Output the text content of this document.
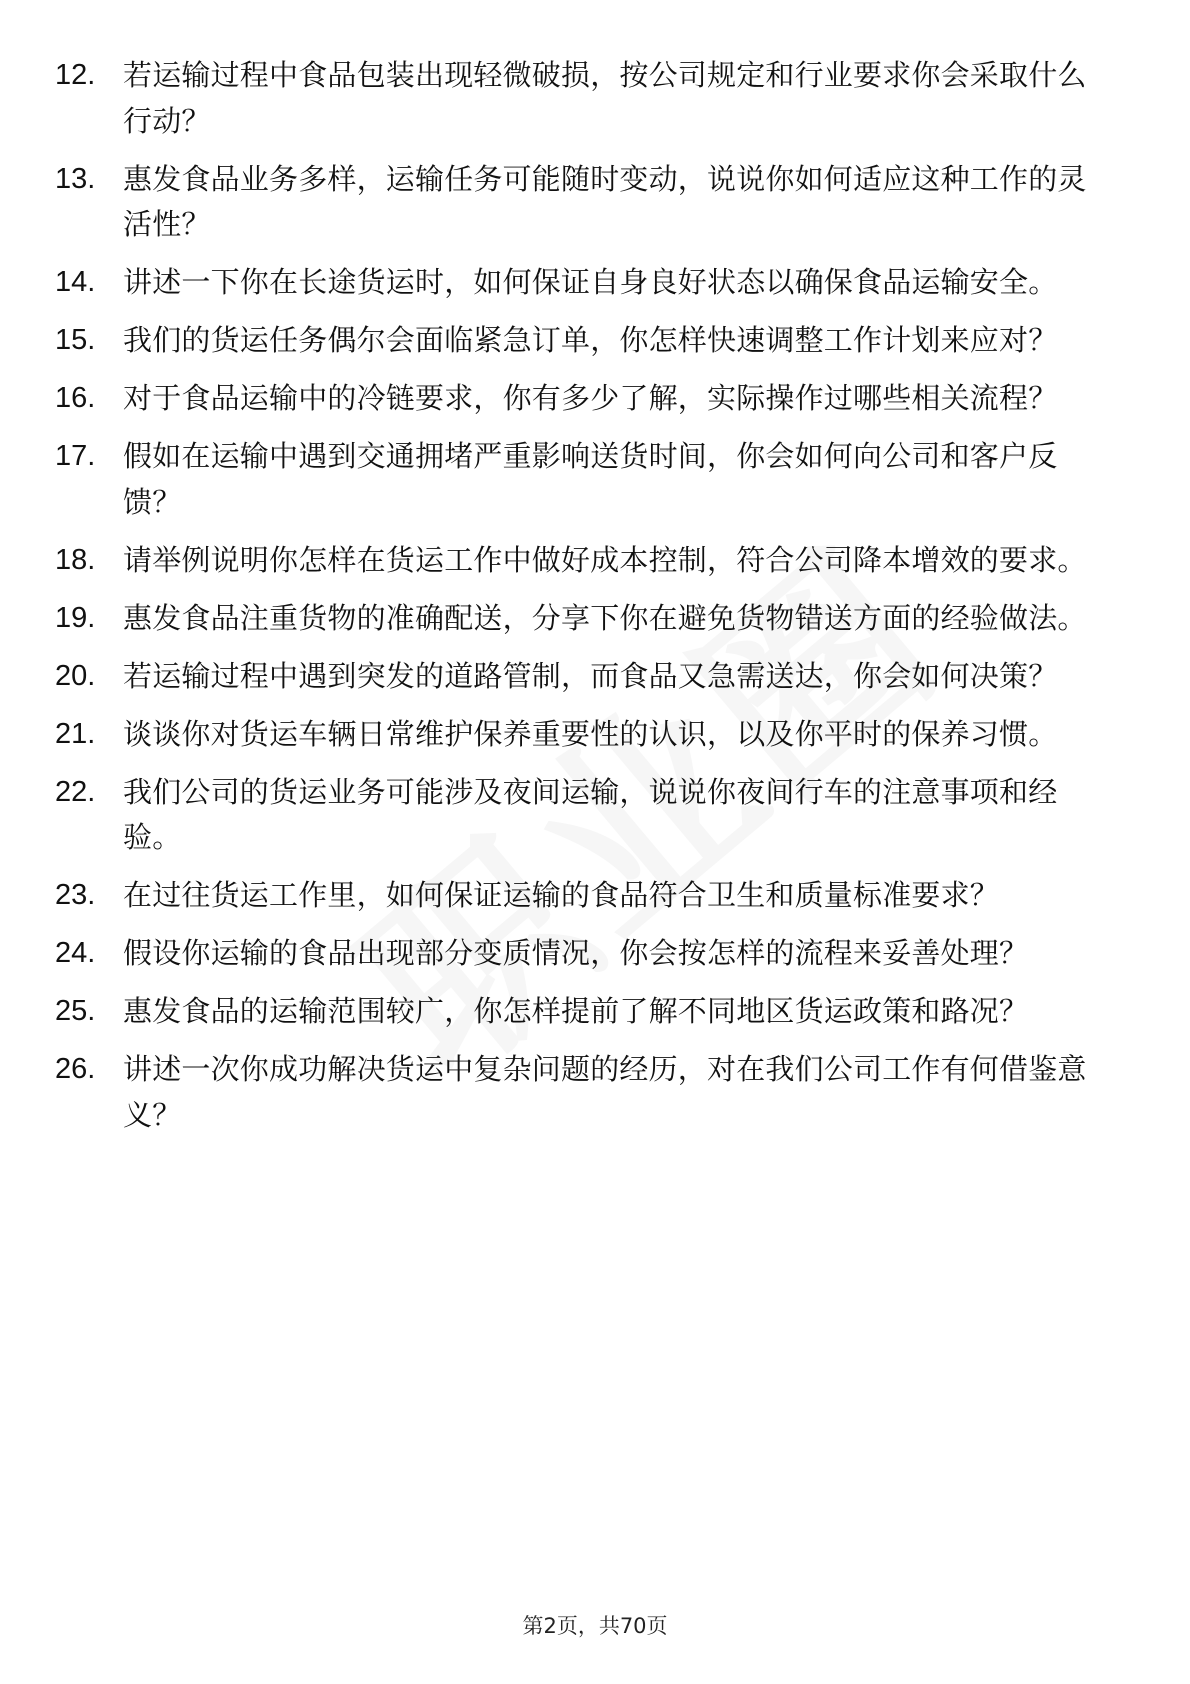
12. 若运输过程中食品包装出现轻微破损，按公司规定和行业要求你会采取什么行动？
13. 惠发食品业务多样，运输任务可能随时变动，说说你如何适应这种工作的灵活性？
14. 讲述一下你在长途货运时，如何保证自身良好状态以确保食品运输安全。
15. 我们的货运任务偶尔会面临紧急订单，你怎样快速调整工作计划来应对？
16. 对于食品运输中的冷链要求，你有多少了解，实际操作过哪些相关流程？
17. 假如在运输中遇到交通拥堵严重影响送货时间，你会如何向公司和客户反馈？
18. 请举例说明你怎样在货运工作中做好成本控制，符合公司降本增效的要求。
19. 惠发食品注重货物的准确配送，分享下你在避免货物错送方面的经验做法。
20. 若运输过程中遇到突发的道路管制，而食品又急需送达，你会如何决策？
21. 谈谈你对货运车辆日常维护保养重要性的认识，以及你平时的保养习惯。
22. 我们公司的货运业务可能涉及夜间运输，说说你夜间行车的注意事项和经验。
23. 在过往货运工作里，如何保证运输的食品符合卫生和质量标准要求？
24. 假设你运输的食品出现部分变质情况，你会按怎样的流程来妥善处理？
25. 惠发食品的运输范围较广，你怎样提前了解不同地区货运政策和路况？
26. 讲述一次你成功解决货运中复杂问题的经历，对在我们公司工作有何借鉴意义？
第2页，共70页
